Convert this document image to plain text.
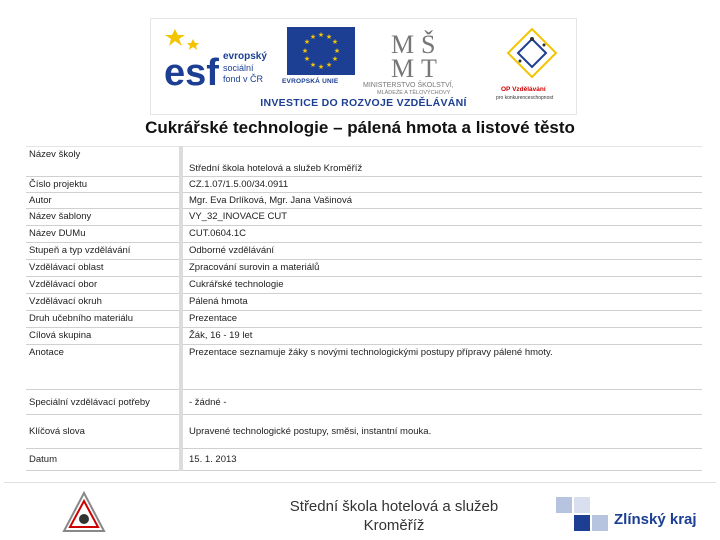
esf evropský
sociální
fond v ČR
★ ★
★
★
★
★
★
★
★
★
★
★
EVROPSKÁ UNIE
M Š
M T
MINISTERSTVO ŠKOLSTVÍ,
MLÁDEŽE A TĚLOVÝCHOVY	OP Vzdělávání
pro konkurenceschopnost
INVESTICE DO ROZVOJE VZDĚLÁVÁNÍ
Cukrářské technologie – pálená hmota a listové těsto
Název školy	Střední škola hotelová a služeb Kroměříž
Číslo projektu	CZ.1.07/1.5.00/34.0911
Autor	Mgr. Eva Drlíková, Mgr. Jana Vašinová
Název šablony	VY_32_INOVACE CUT
Název DUMu	CUT.0604.1C
Stupeň a typ vzdělávání	Odborné vzdělávání
Vzdělávací oblast	Zpracování surovin a materiálů
Vzdělávací obor	Cukrářské technologie
Vzdělávací okruh	Pálená hmota
Druh učebního materiálu	Prezentace
Cílová skupina	Žák, 16 - 19 let
Anotace	Prezentace seznamuje žáky s novými technologickými postupy přípravy pálené hmoty.
Speciální vzdělávací potřeby	- žádné -
Klíčová slova	Upravené technologické postupy, směsi, instantní mouka.
Datum	15. 1. 2013
Střední škola hotelová a služeb
Kroměříž	Zlínský kraj
